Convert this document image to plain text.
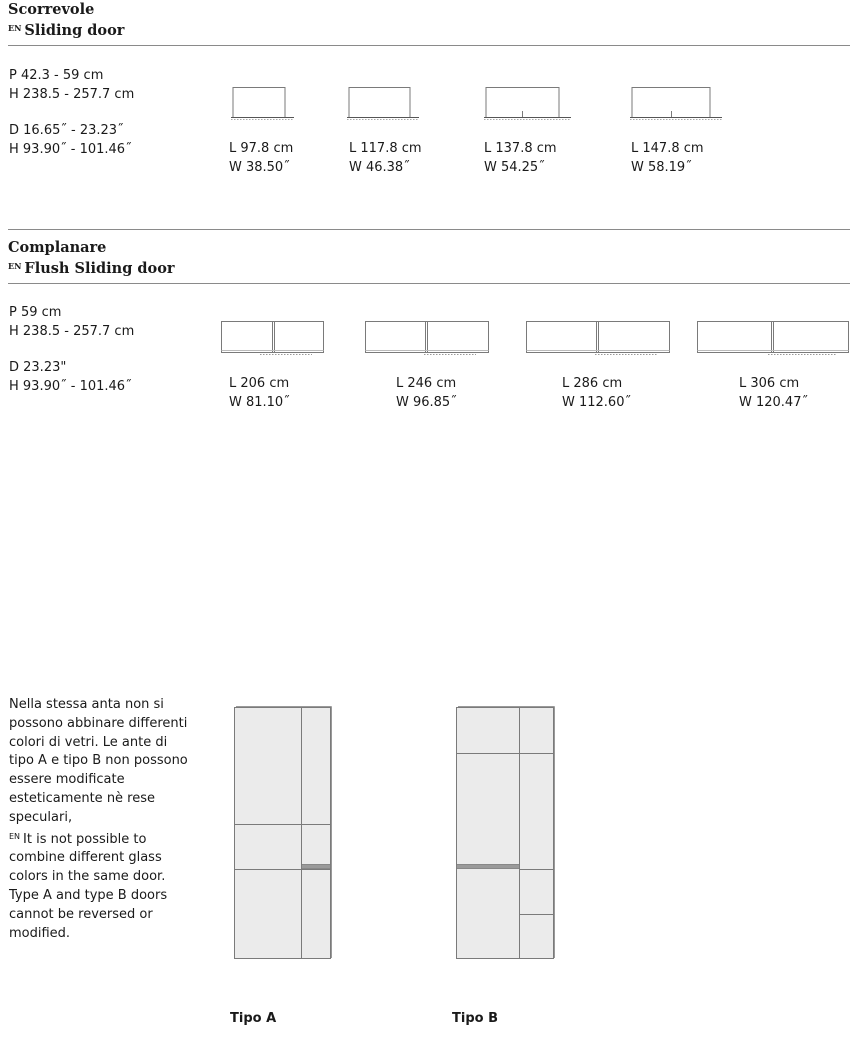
Scorrevole
$^{EN}$ Sliding door
P 42.3 - 59 cm
H 238.5 - 257.7 cm
D 16.65˝ - 23.23˝
H 93.90˝ - 101.46˝	L 97.8 cm
W 38.50˝
L 117.8 cm
W 46.38˝
L 137.8 cm
W 54.25˝
L 147.8 cm
W 58.19˝
Complanare
$^{EN}$ Flush Sliding door
P 59 cm
H 238.5 - 257.7 cm
D 23.23"
H 93.90˝ - 101.46˝	L 206 cm
W 81.10˝
L 246 cm
W 96.85˝
L 286 cm
W 112.60˝
L 306 cm
W 120.47˝
Nella stessa anta non si possono abbinare differenti colori di vetri. Le ante di tipo A e tipo B non possono essere modificate esteticamente nè rese speculari,
$^{EN}$ It is not possible to combine different glass colors in the same door. Type A and type B doors cannot be reversed or modified.
Tipo A	Tipo B
